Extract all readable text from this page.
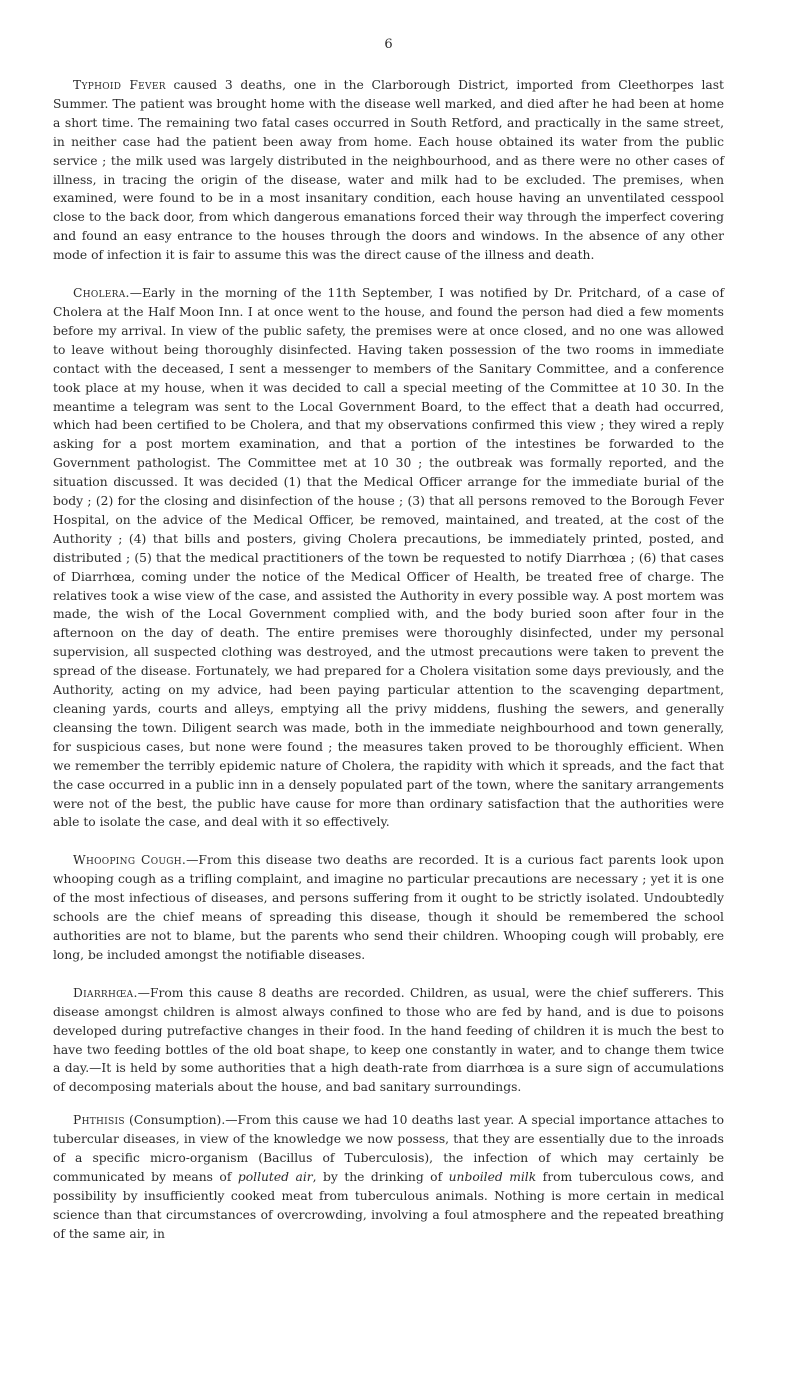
6

Typhoid Fever caused 3 deaths, one in the Clarborough District, imported from Cleethorpes last Summer. The patient was brought home with the disease well marked, and died after he had been at home a short time. The remaining two fatal cases occurred in South Retford, and practically in the same street, in neither case had the patient been away from home. Each house obtained its water from the public service ; the milk used was largely distributed in the neighbourhood, and as there were no other cases of illness, in tracing the origin of the disease, water and milk had to be excluded. The premises, when examined, were found to be in a most insanitary condition, each house having an unventilated cesspool close to the back door, from which dangerous emanations forced their way through the imperfect covering and found an easy entrance to the houses through the doors and windows. In the absence of any other mode of infection it is fair to assume this was the direct cause of the illness and death.

Cholera.—Early in the morning of the 11th September, I was notified by Dr. Pritchard, of a case of Cholera at the Half Moon Inn. I at once went to the house, and found the person had died a few moments before my arrival. In view of the public safety, the premises were at once closed, and no one was allowed to leave without being thoroughly disinfected. Having taken possession of the two rooms in immediate contact with the deceased, I sent a messenger to members of the Sanitary Committee, and a conference took place at my house, when it was decided to call a special meeting of the Committee at 10 30. In the meantime a telegram was sent to the Local Government Board, to the effect that a death had occurred, which had been certified to be Cholera, and that my observations confirmed this view ; they wired a reply asking for a post mortem examination, and that a portion of the intestines be forwarded to the Government pathologist. The Committee met at 10 30 ; the outbreak was formally reported, and the situation discussed. It was decided (1) that the Medical Officer arrange for the immediate burial of the body ; (2) for the closing and disinfection of the house ; (3) that all persons removed to the Borough Fever Hospital, on the advice of the Medical Officer, be removed, maintained, and treated, at the cost of the Authority ; (4) that bills and posters, giving Cholera precautions, be immediately printed, posted, and distributed ; (5) that the medical practitioners of the town be requested to notify Diarrhœa ; (6) that cases of Diarrhœa, coming under the notice of the Medical Officer of Health, be treated free of charge. The relatives took a wise view of the case, and assisted the Authority in every possible way. A post mortem was made, the wish of the Local Government complied with, and the body buried soon after four in the afternoon on the day of death. The entire premises were thoroughly disinfected, under my personal supervision, all suspected clothing was destroyed, and the utmost precautions were taken to prevent the spread of the disease. Fortunately, we had prepared for a Cholera visitation some days previously, and the Authority, acting on my advice, had been paying particular attention to the scavenging department, cleaning yards, courts and alleys, emptying all the privy middens, flushing the sewers, and generally cleansing the town. Diligent search was made, both in the immediate neighbourhood and town generally, for suspicious cases, but none were found ; the measures taken proved to be thoroughly efficient. When we remember the terribly epidemic nature of Cholera, the rapidity with which it spreads, and the fact that the case occurred in a public inn in a densely populated part of the town, where the sanitary arrangements were not of the best, the public have cause for more than ordinary satisfaction that the authorities were able to isolate the case, and deal with it so effectively.

Whooping Cough.—From this disease two deaths are recorded. It is a curious fact parents look upon whooping cough as a trifling complaint, and imagine no particular precautions are necessary ; yet it is one of the most infectious of diseases, and persons suffering from it ought to be strictly isolated. Undoubtedly schools are the chief means of spreading this disease, though it should be remembered the school authorities are not to blame, but the parents who send their children. Whooping cough will probably, ere long, be included amongst the notifiable diseases.

Diarrhœa.—From this cause 8 deaths are recorded. Children, as usual, were the chief sufferers. This disease amongst children is almost always confined to those who are fed by hand, and is due to poisons developed during putrefactive changes in their food. In the hand feeding of children it is much the best to have two feeding bottles of the old boat shape, to keep one constantly in water, and to change them twice a day.—It is held by some authorities that a high death-rate from diarrhœa is a sure sign of accumulations of decomposing materials about the house, and bad sanitary surroundings.

Phthisis (Consumption).—From this cause we had 10 deaths last year. A special importance attaches to tubercular diseases, in view of the knowledge we now possess, that they are essentially due to the inroads of a specific micro-organism (Bacillus of Tuberculosis), the infection of which may certainly be communicated by means of polluted air, by the drinking of unboiled milk from tuberculous cows, and possibility by insufficiently cooked meat from tuberculous animals. Nothing is more certain in medical science than that circumstances of overcrowding, involving a foul atmosphere and the repeated breathing of the same air, in
